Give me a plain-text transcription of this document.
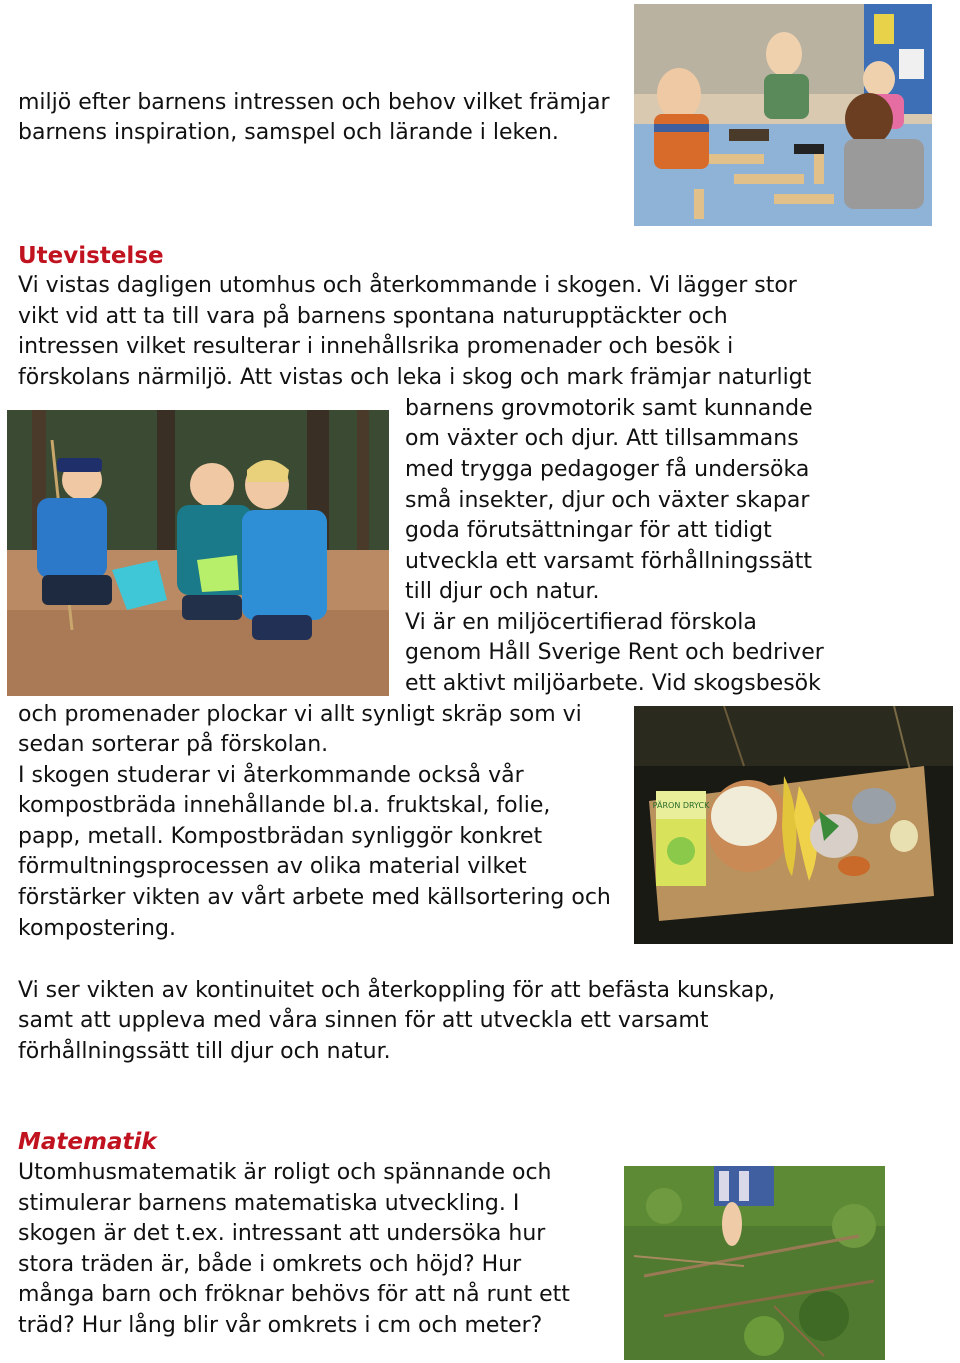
miljö efter barnens intressen och behov vilket främjar
barnens inspiration, samspel och lärande i leken.
Utevistelse
Vi vistas dagligen utomhus och återkommande i skogen. Vi lägger stor
vikt vid att ta till vara på barnens spontana naturupptäckter och
intressen vilket resulterar i innehållsrika promenader och besök i
förskolans närmiljö. Att vistas och leka i skog och mark främjar naturligt
barnens grovmotorik samt kunnande
om växter och djur. Att tillsammans
med trygga pedagoger få undersöka
små insekter, djur och växter skapar
goda förutsättningar för att tidigt
utveckla ett varsamt förhållningssätt
till djur och natur.
Vi är en miljöcertifierad förskola
genom Håll Sverige Rent och bedriver
ett aktivt miljöarbete. Vid skogsbesök
och promenader plockar vi allt synligt skräp som vi
sedan sorterar på förskolan.
I skogen studerar vi återkommande också vår
kompostbräda innehållande bl.a. fruktskal, folie,
papp, metall. Kompostbrädan synliggör konkret
förmultningsprocessen av olika material vilket
förstärker vikten av vårt arbete med källsortering och
kompostering.
PÄRON DRYCK
Vi ser vikten av kontinuitet och återkoppling för att befästa kunskap,
samt att uppleva med våra sinnen för att utveckla ett varsamt
förhållningssätt till djur och natur.
Matematik
Utomhusmatematik är roligt och spännande och
stimulerar barnens matematiska utveckling. I
skogen är det t.ex. intressant att undersöka hur
stora träden är, både i omkrets och höjd? Hur
många barn och fröknar behövs för att nå runt ett
träd? Hur lång blir vår omkrets i cm och meter?
